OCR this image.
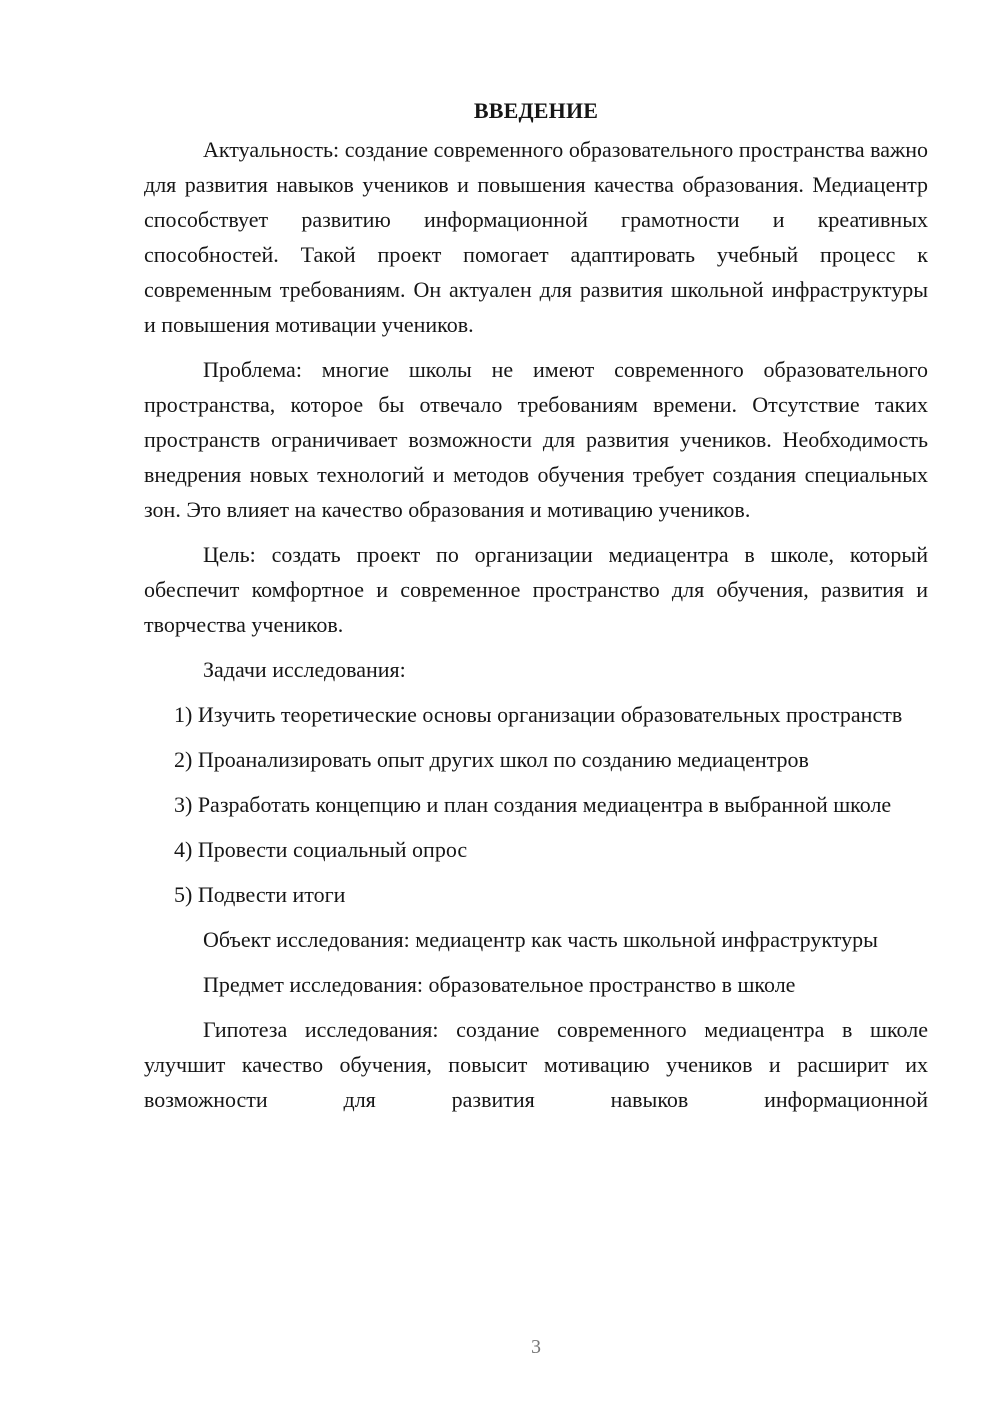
ВВЕДЕНИЕ

Актуальность: создание современного образовательного пространства важно для развития навыков учеников и повышения качества образования. Медиацентр способствует развитию информационной грамотности и креативных способностей. Такой проект помогает адаптировать учебный процесс к современным требованиям. Он актуален для развития школьной инфраструктуры и повышения мотивации учеников.

Проблема: многие школы не имеют современного образовательного пространства, которое бы отвечало требованиям времени. Отсутствие таких пространств ограничивает возможности для развития учеников. Необходимость внедрения новых технологий и методов обучения требует создания специальных зон. Это влияет на качество образования и мотивацию учеников.

Цель: создать проект по организации медиацентра в школе, который обеспечит комфортное и современное пространство для обучения, развития и творчества учеников.

Задачи исследования:

1) Изучить теоретические основы организации образовательных пространств

2) Проанализировать опыт других школ по созданию медиацентров

3) Разработать концепцию и план создания медиацентра в выбранной школе

4) Провести социальный опрос

5) Подвести итоги

Объект исследования: медиацентр как часть школьной инфраструктуры

Предмет исследования: образовательное пространство в школе

Гипотеза исследования: создание современного медиацентра в школе улучшит качество обучения, повысит мотивацию учеников и расширит их возможности для развития навыков информационной

3
